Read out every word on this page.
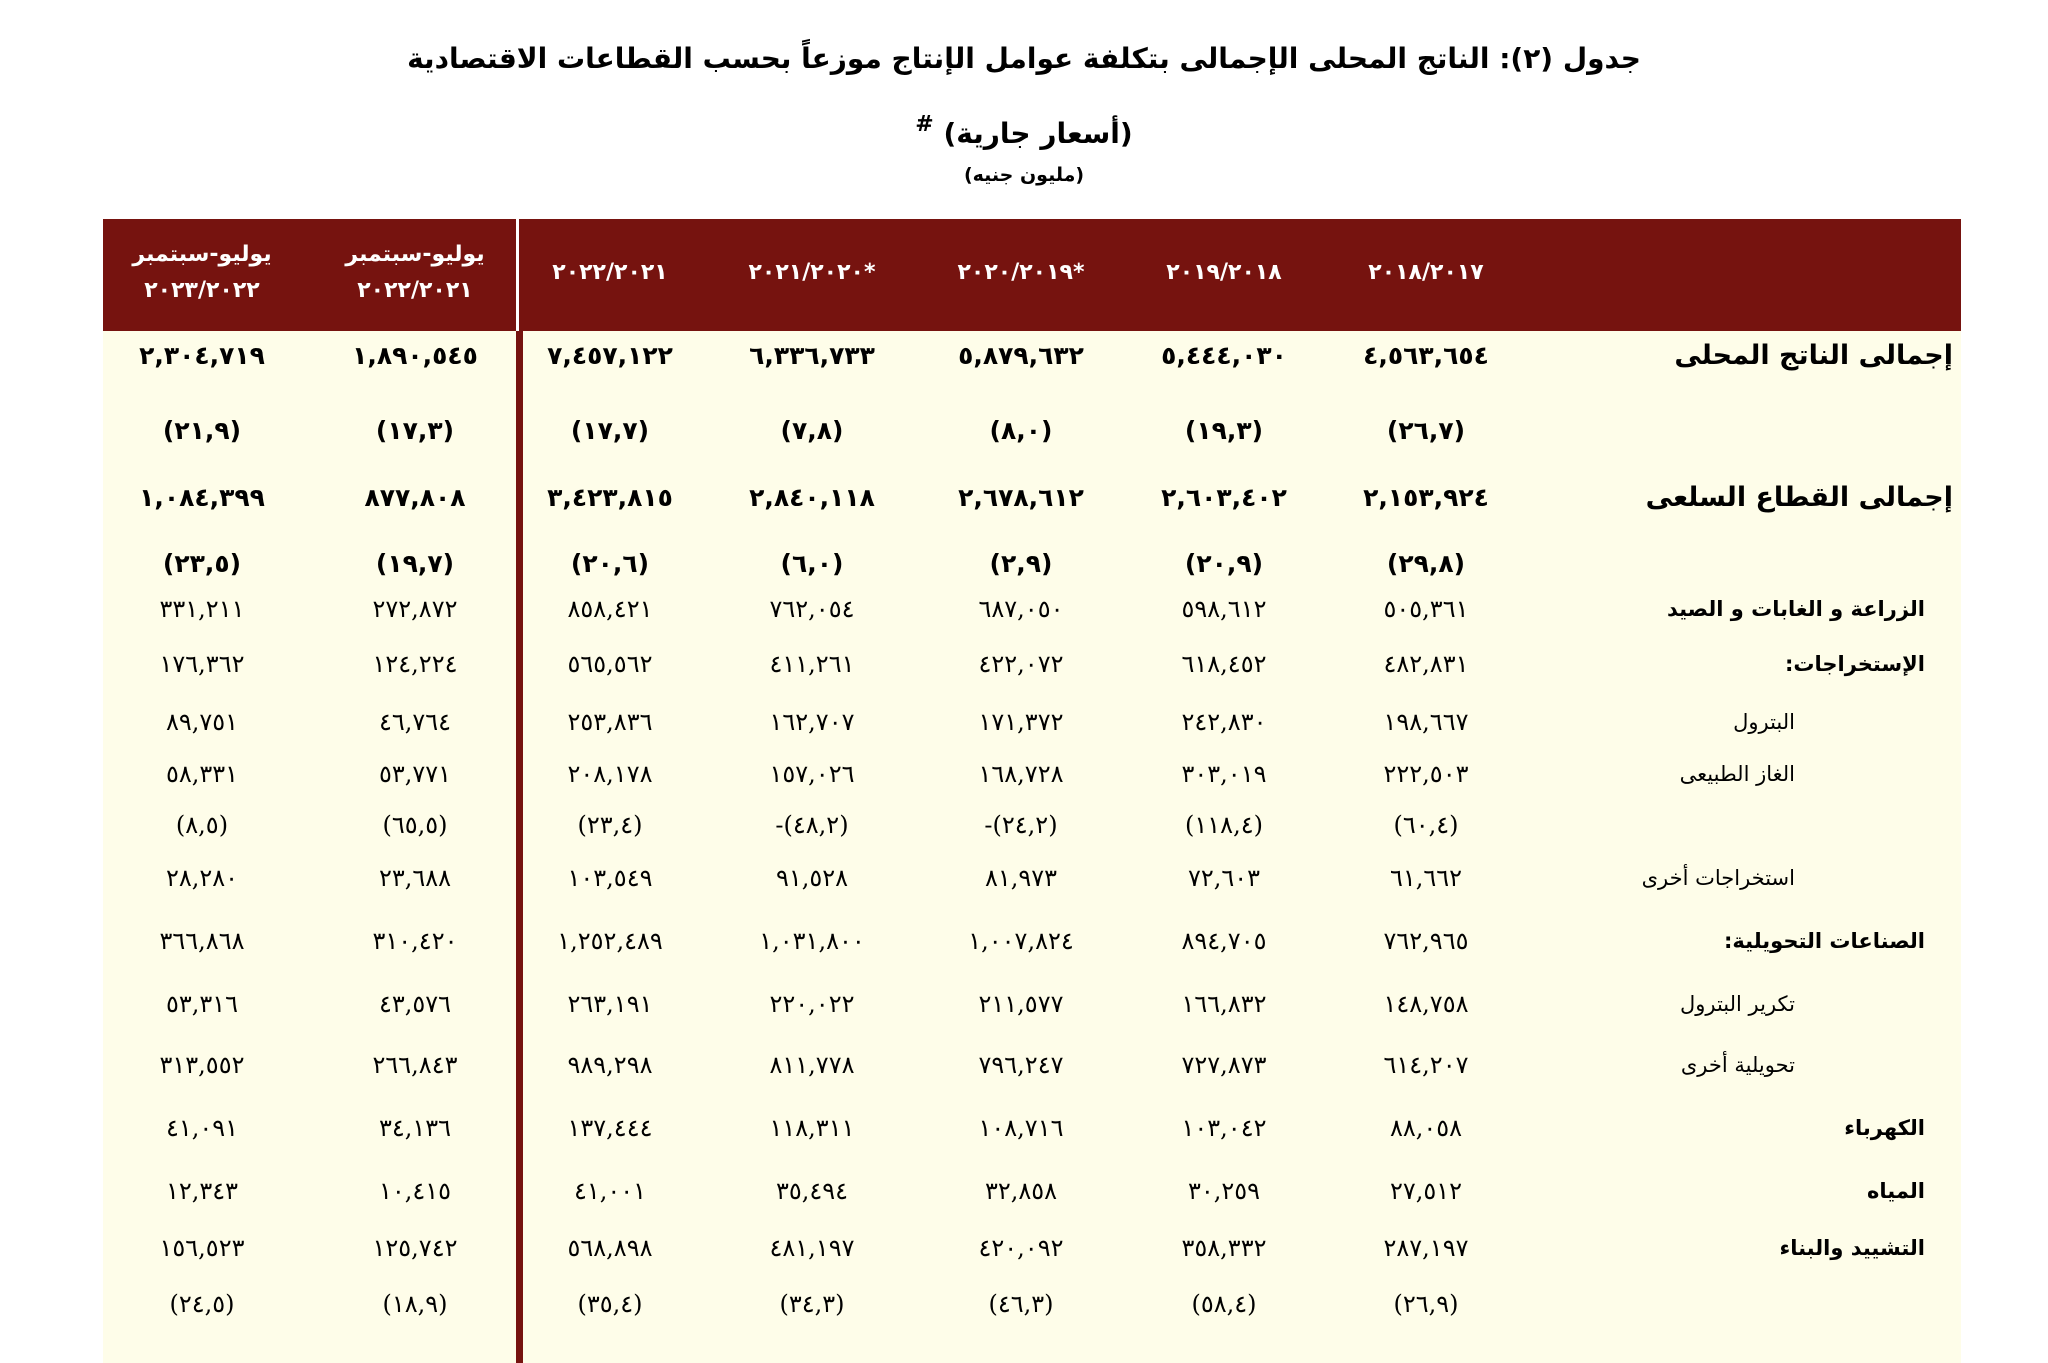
جدول (٢): الناتج المحلى الإجمالى بتكلفة عوامل الإنتاج موزعاً بحسب القطاعات الاقتصادية
(أسعار جارية) #
(مليون جنيه)
٢٠١٨/٢٠١٧
٢٠١٩/٢٠١٨
*٢٠٢٠/٢٠١٩
*٢٠٢١/٢٠٢٠
٢٠٢٢/٢٠٢١
يوليو-سبتمبر
٢٠٢٢/٢٠٢١
يوليو-سبتمبر
٢٠٢٣/٢٠٢٢
إجمالى الناتج المحلى
٤,٥٦٣,٦٥٤
٥,٤٤٤,٠٣٠
٥,٨٧٩,٦٣٢
٦,٣٣٦,٧٣٣
٧,٤٥٧,١٢٢
١,٨٩٠,٥٤٥
٢,٣٠٤,٧١٩
(٢٦,٧)
(١٩,٣)
(٨,٠)
(٧,٨)
(١٧,٧)
(١٧,٣)
(٢١,٩)
إجمالى القطاع السلعى
٢,١٥٣,٩٢٤
٢,٦٠٣,٤٠٢
٢,٦٧٨,٦١٢
٢,٨٤٠,١١٨
٣,٤٢٣,٨١٥
٨٧٧,٨٠٨
١,٠٨٤,٣٩٩
(٢٩,٨)
(٢٠,٩)
(٢,٩)
(٦,٠)
(٢٠,٦)
(١٩,٧)
(٢٣,٥)
الزراعة و الغابات و الصيد
٥٠٥,٣٦١
٥٩٨,٦١٢
٦٨٧,٠٥٠
٧٦٢,٠٥٤
٨٥٨,٤٢١
٢٧٢,٨٧٢
٣٣١,٢١١
الإستخراجات:
٤٨٢,٨٣١
٦١٨,٤٥٢
٤٢٢,٠٧٢
٤١١,٢٦١
٥٦٥,٥٦٢
١٢٤,٢٢٤
١٧٦,٣٦٢
البترول
١٩٨,٦٦٧
٢٤٢,٨٣٠
١٧١,٣٧٢
١٦٢,٧٠٧
٢٥٣,٨٣٦
٤٦,٧٦٤
٨٩,٧٥١
الغاز الطبيعى
٢٢٢,٥٠٣
٣٠٣,٠١٩
١٦٨,٧٢٨
١٥٧,٠٢٦
٢٠٨,١٧٨
٥٣,٧٧١
٥٨,٣٣١
(٦٠,٤)
(١١٨,٤)
-(٢٤,٢)
-(٤٨,٢)
(٢٣,٤)
(٦٥,٥)
(٨,٥)
استخراجات أخرى
٦١,٦٦٢
٧٢,٦٠٣
٨١,٩٧٣
٩١,٥٢٨
١٠٣,٥٤٩
٢٣,٦٨٨
٢٨,٢٨٠
الصناعات التحويلية:
٧٦٢,٩٦٥
٨٩٤,٧٠٥
١,٠٠٧,٨٢٤
١,٠٣١,٨٠٠
١,٢٥٢,٤٨٩
٣١٠,٤٢٠
٣٦٦,٨٦٨
تكرير البترول
١٤٨,٧٥٨
١٦٦,٨٣٢
٢١١,٥٧٧
٢٢٠,٠٢٢
٢٦٣,١٩١
٤٣,٥٧٦
٥٣,٣١٦
تحويلية أخرى
٦١٤,٢٠٧
٧٢٧,٨٧٣
٧٩٦,٢٤٧
٨١١,٧٧٨
٩٨٩,٢٩٨
٢٦٦,٨٤٣
٣١٣,٥٥٢
الكهرباء
٨٨,٠٥٨
١٠٣,٠٤٢
١٠٨,٧١٦
١١٨,٣١١
١٣٧,٤٤٤
٣٤,١٣٦
٤١,٠٩١
المياه
٢٧,٥١٢
٣٠,٢٥٩
٣٢,٨٥٨
٣٥,٤٩٤
٤١,٠٠١
١٠,٤١٥
١٢,٣٤٣
التشييد والبناء
٢٨٧,١٩٧
٣٥٨,٣٣٢
٤٢٠,٠٩٢
٤٨١,١٩٧
٥٦٨,٨٩٨
١٢٥,٧٤٢
١٥٦,٥٢٣
(٢٦,٩)
(٥٨,٤)
(٤٦,٣)
(٣٤,٣)
(٣٥,٤)
(١٨,٩)
(٢٤,٥)
